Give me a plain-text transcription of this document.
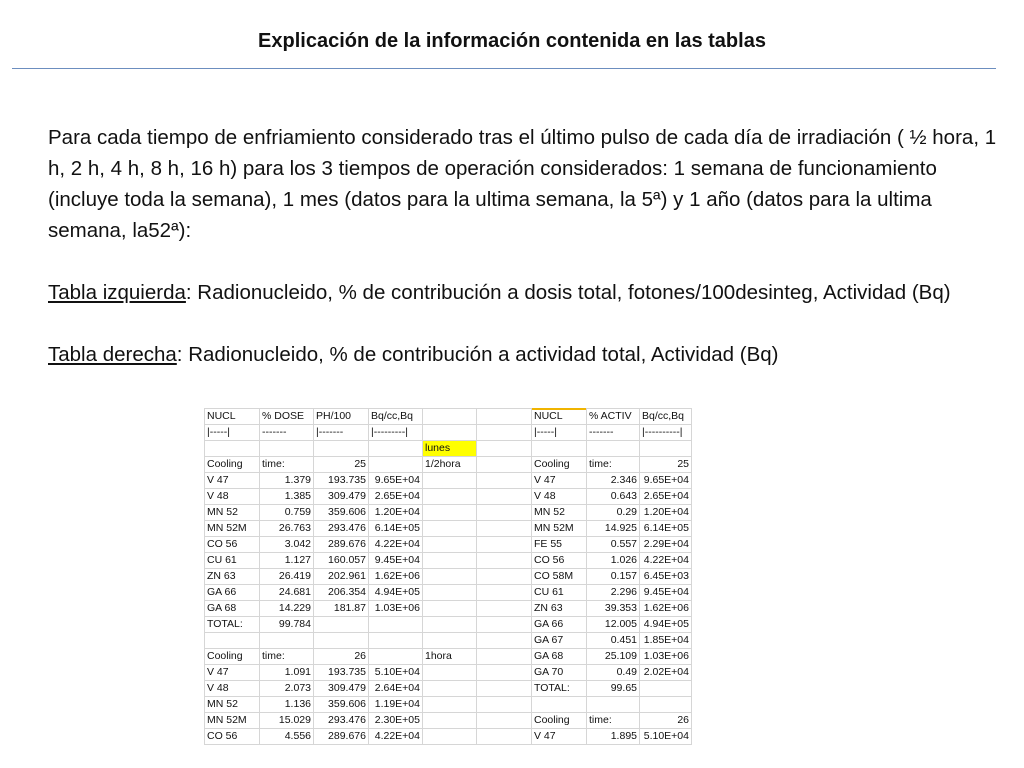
Explicación de la información contenida en las tablas

Para cada tiempo de enfriamiento considerado tras el último pulso de cada día de irradiación ( ½ hora, 1 h, 2 h, 4 h, 8 h, 16 h) para los 3 tiempos de operación considerados: 1 semana de funcionamiento (incluye toda la semana), 1 mes (datos para la ultima semana, la 5ª) y 1 año (datos para la ultima semana, la52ª):

Tabla izquierda: Radionucleido, % de contribución a dosis total, fotones/100desinteg, Actividad (Bq)

Tabla derecha: Radionucleido, % de contribución a actividad total, Actividad (Bq)

NUCL	% DOSE	PH/100	Bq/cc,Bq			NUCL	% ACTIV	Bq/cc,Bq
|-----|	-------	|-------	|---------|			|-----|	-------	|----------|
				lunes				
Cooling	time:	25		1/2hora		Cooling	time:	25
V 47	1.379	193.735	9.65E+04			V 47	2.346	9.65E+04
V 48	1.385	309.479	2.65E+04			V 48	0.643	2.65E+04
MN 52	0.759	359.606	1.20E+04			MN 52	0.29	1.20E+04
MN 52M	26.763	293.476	6.14E+05			MN 52M	14.925	6.14E+05
CO 56	3.042	289.676	4.22E+04			FE 55	0.557	2.29E+04
CU 61	1.127	160.057	9.45E+04			CO 56	1.026	4.22E+04
ZN 63	26.419	202.961	1.62E+06			CO 58M	0.157	6.45E+03
GA 66	24.681	206.354	4.94E+05			CU 61	2.296	9.45E+04
GA 68	14.229	181.87	1.03E+06			ZN 63	39.353	1.62E+06
TOTAL:	99.784					GA 66	12.005	4.94E+05
						GA 67	0.451	1.85E+04
Cooling	time:	26		1hora		GA 68	25.109	1.03E+06
V 47	1.091	193.735	5.10E+04			GA 70	0.49	2.02E+04
V 48	2.073	309.479	2.64E+04			TOTAL:	99.65	
MN 52	1.136	359.606	1.19E+04					
MN 52M	15.029	293.476	2.30E+05			Cooling	time:	26
CO 56	4.556	289.676	4.22E+04			V 47	1.895	5.10E+04
